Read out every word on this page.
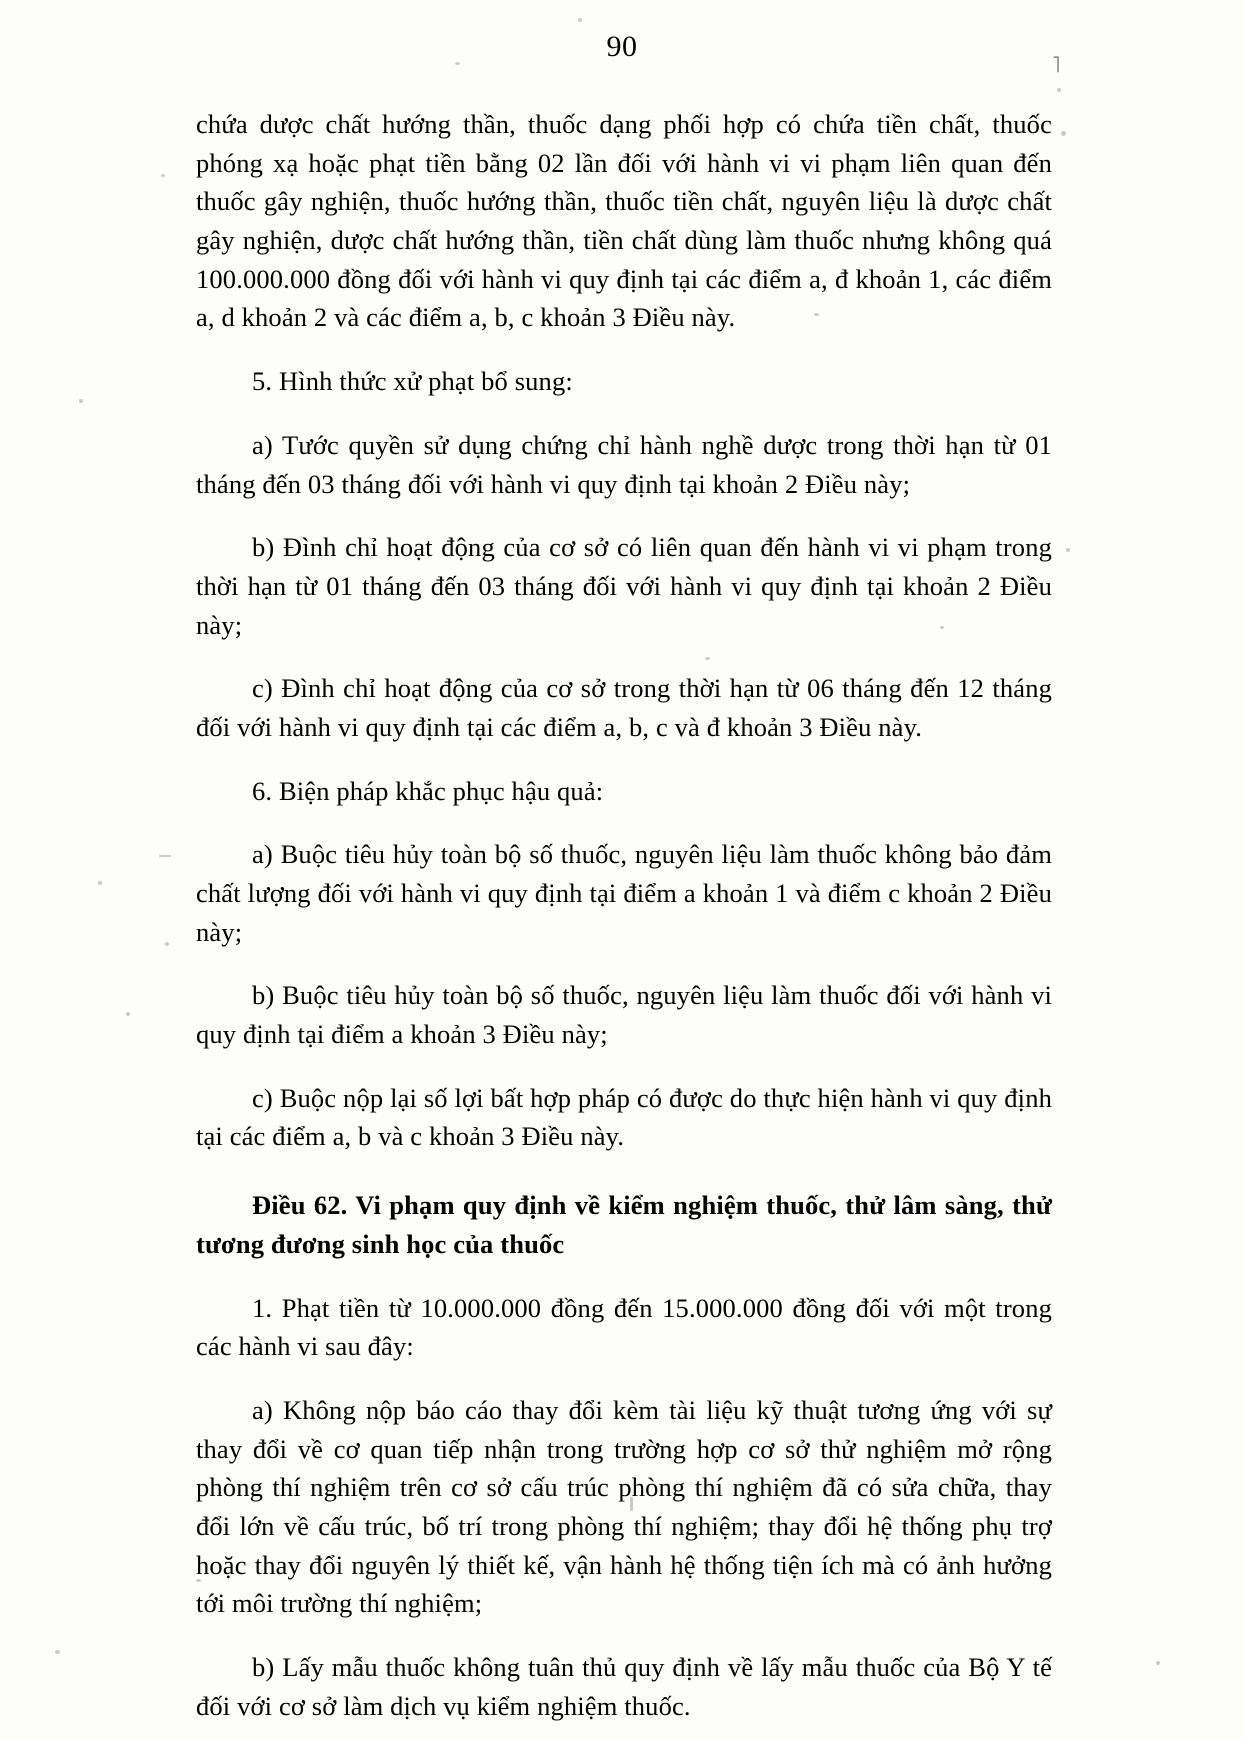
90
˥

chứa dược chất hướng thần, thuốc dạng phối hợp có chứa tiền chất, thuốc phóng xạ hoặc phạt tiền bằng 02 lần đối với hành vi vi phạm liên quan đến thuốc gây nghiện, thuốc hướng thần, thuốc tiền chất, nguyên liệu là dược chất gây nghiện, dược chất hướng thần, tiền chất dùng làm thuốc nhưng không quá 100.000.000 đồng đối với hành vi quy định tại các điểm a, đ khoản 1, các điểm a, d khoản 2 và các điểm a, b, c khoản 3 Điều này.

5. Hình thức xử phạt bổ sung:

a) Tước quyền sử dụng chứng chỉ hành nghề dược trong thời hạn từ 01 tháng đến 03 tháng đối với hành vi quy định tại khoản 2 Điều này;

b) Đình chỉ hoạt động của cơ sở có liên quan đến hành vi vi phạm trong thời hạn từ 01 tháng đến 03 tháng đối với hành vi quy định tại khoản 2 Điều này;

c) Đình chỉ hoạt động của cơ sở trong thời hạn từ 06 tháng đến 12 tháng đối với hành vi quy định tại các điểm a, b, c và đ khoản 3 Điều này.

6. Biện pháp khắc phục hậu quả:

a) Buộc tiêu hủy toàn bộ số thuốc, nguyên liệu làm thuốc không bảo đảm chất lượng đối với hành vi quy định tại điểm a khoản 1 và điểm c khoản 2 Điều này;

b) Buộc tiêu hủy toàn bộ số thuốc, nguyên liệu làm thuốc đối với hành vi quy định tại điểm a khoản 3 Điều này;

c) Buộc nộp lại số lợi bất hợp pháp có được do thực hiện hành vi quy định tại các điểm a, b và c khoản 3 Điều này.

Điều 62. Vi phạm quy định về kiểm nghiệm thuốc, thử lâm sàng, thử tương đương sinh học của thuốc

1. Phạt tiền từ 10.000.000 đồng đến 15.000.000 đồng đối với một trong các hành vi sau đây:

a) Không nộp báo cáo thay đổi kèm tài liệu kỹ thuật tương ứng với sự thay đổi về cơ quan tiếp nhận trong trường hợp cơ sở thử nghiệm mở rộng phòng thí nghiệm trên cơ sở cấu trúc phòng thí nghiệm đã có sửa chữa, thay đổi lớn về cấu trúc, bố trí trong phòng thí nghiệm; thay đổi hệ thống phụ trợ hoặc thay đổi nguyên lý thiết kế, vận hành hệ thống tiện ích mà có ảnh hưởng tới môi trường thí nghiệm;

b) Lấy mẫu thuốc không tuân thủ quy định về lấy mẫu thuốc của Bộ Y tế đối với cơ sở làm dịch vụ kiểm nghiệm thuốc.
